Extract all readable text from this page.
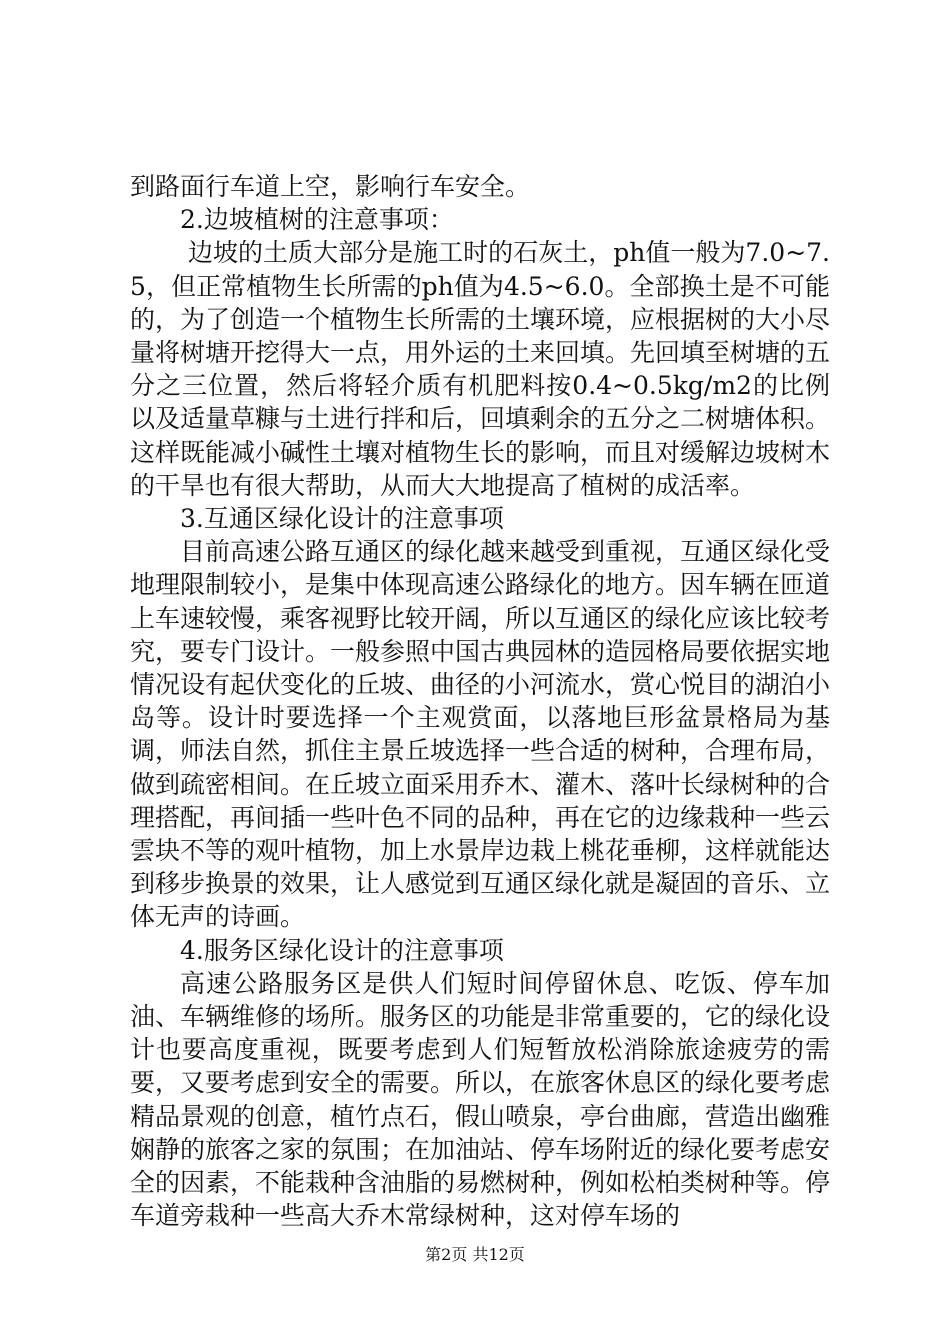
到路面行车道上空，影响行车安全。

2.边坡植树的注意事项：

边坡的土质大部分是施工时的石灰土，ph值一般为7.0~7.5，但正常植物生长所需的ph值为4.5~6.0。全部换土是不可能的，为了创造一个植物生长所需的土壤环境，应根据树的大小尽量将树塘开挖得大一点，用外运的土来回填。先回填至树塘的五分之三位置，然后将轻介质有机肥料按0.4~0.5kg/m2的比例以及适量草糠与土进行拌和后，回填剩余的五分之二树塘体积。这样既能减小碱性土壤对植物生长的影响，而且对缓解边坡树木的干旱也有很大帮助，从而大大地提高了植树的成活率。

3.互通区绿化设计的注意事项

目前高速公路互通区的绿化越来越受到重视，互通区绿化受地理限制较小，是集中体现高速公路绿化的地方。因车辆在匝道上车速较慢，乘客视野比较开阔，所以互通区的绿化应该比较考究，要专门设计。一般参照中国古典园林的造园格局要依据实地情况设有起伏变化的丘坡、曲径的小河流水，赏心悦目的湖泊小岛等。设计时要选择一个主观赏面，以落地巨形盆景格局为基调，师法自然，抓住主景丘坡选择一些合适的树种，合理布局，做到疏密相间。在丘坡立面采用乔木、灌木、落叶长绿树种的合理搭配，再间插一些叶色不同的品种，再在它的边缘栽种一些云雲块不等的观叶植物，加上水景岸边栽上桃花垂柳，这样就能达到移步换景的效果，让人感觉到互通区绿化就是凝固的音乐、立体无声的诗画。

4.服务区绿化设计的注意事项

高速公路服务区是供人们短时间停留休息、吃饭、停车加油、车辆维修的场所。服务区的功能是非常重要的，它的绿化设计也要高度重视，既要考虑到人们短暂放松消除旅途疲劳的需要，又要考虑到安全的需要。所以，在旅客休息区的绿化要考虑精品景观的创意，植竹点石，假山喷泉，亭台曲廊，营造出幽雅娴静的旅客之家的氛围；在加油站、停车场附近的绿化要考虑安全的因素，不能栽种含油脂的易燃树种，例如松柏类树种等。停车道旁栽种一些高大乔木常绿树种，这对停车场的

第2页 共12页
